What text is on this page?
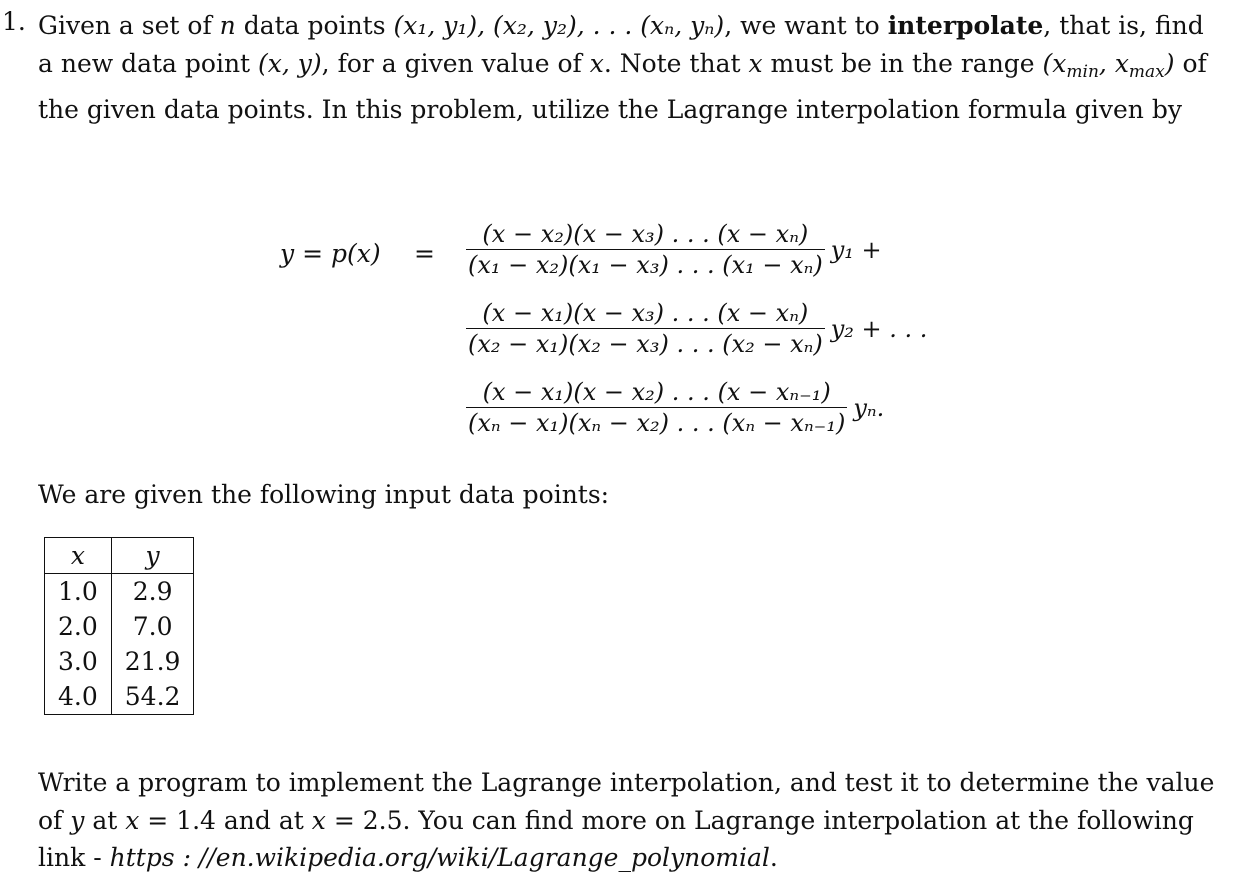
1. Given a set of n data points (x₁, y₁), (x₂, y₂), . . . (xₙ, yₙ), we want to interpolate, that is, find a new data point (x, y), for a given value of x. Note that x must be in the range ($x_{min}$, $x_{max}$) of the given data points. In this problem, utilize the Lagrange interpolation formula given by

$y = p(x) = \frac{\text{(x − x₂)(x − x₃) . . . (x − xₙ)}}{\text{(x₁ − x₂)(x₁ − x₃) . . . (x₁ − xₙ)}} y_1$ +
$\frac{\text{(x − x₁)(x − x₃) . . . (x − xₙ)}}{\text{(x₂ − x₁)(x₂ − x₃) . . . (x₂ − xₙ)}} y_2$ + . . .
$\frac{\text{(x − x₁)(x − x₂) . . . (x − xₙ₋₁)}}{\text{(xₙ − x₁)(xₙ − x₂) . . . (xₙ − xₙ₋₁)}} y_n$.

We are given the following input data points:

x	y
1.0	2.9
2.0	7.0
3.0	21.9
4.0	54.2

Write a program to implement the Lagrange interpolation, and test it to determine the value of y at x = 1.4 and at x = 2.5. You can find more on Lagrange interpolation at the following link - https : //en.wikipedia.org/wiki/Lagrange_polynomial.
